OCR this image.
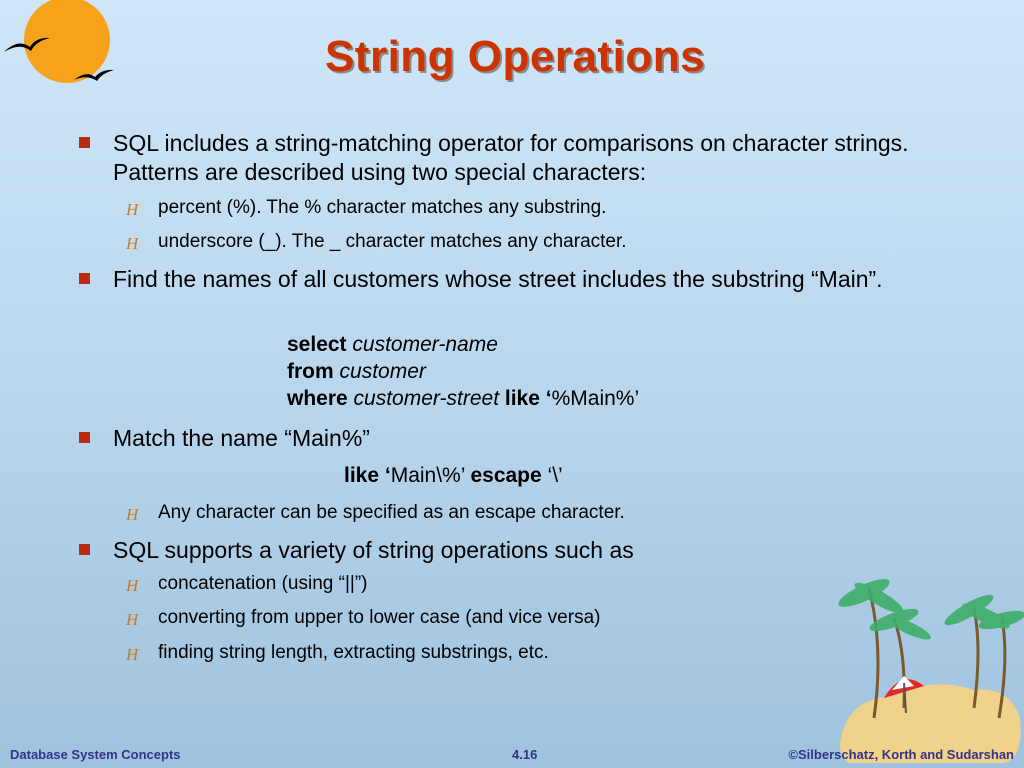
String Operations
SQL includes a string-matching operator for comparisons on character strings. Patterns are described using two special characters:
H percent (%). The % character matches any substring.
H underscore (_). The _ character matches any character.
Find the names of all customers whose street includes the substring “Main”.
select customer-name
from customer
where customer-street like ‘%Main%’
Match the name “Main%”
like ‘Main\%’ escape ‘\’
H Any character can be specified as an escape character.
SQL supports a variety of string operations such as
H concatenation (using “||”)
H converting from upper to lower case (and vice versa)
H finding string length, extracting substrings, etc.
Database System Concepts	4.16	©Silberschatz, Korth and Sudarshan
